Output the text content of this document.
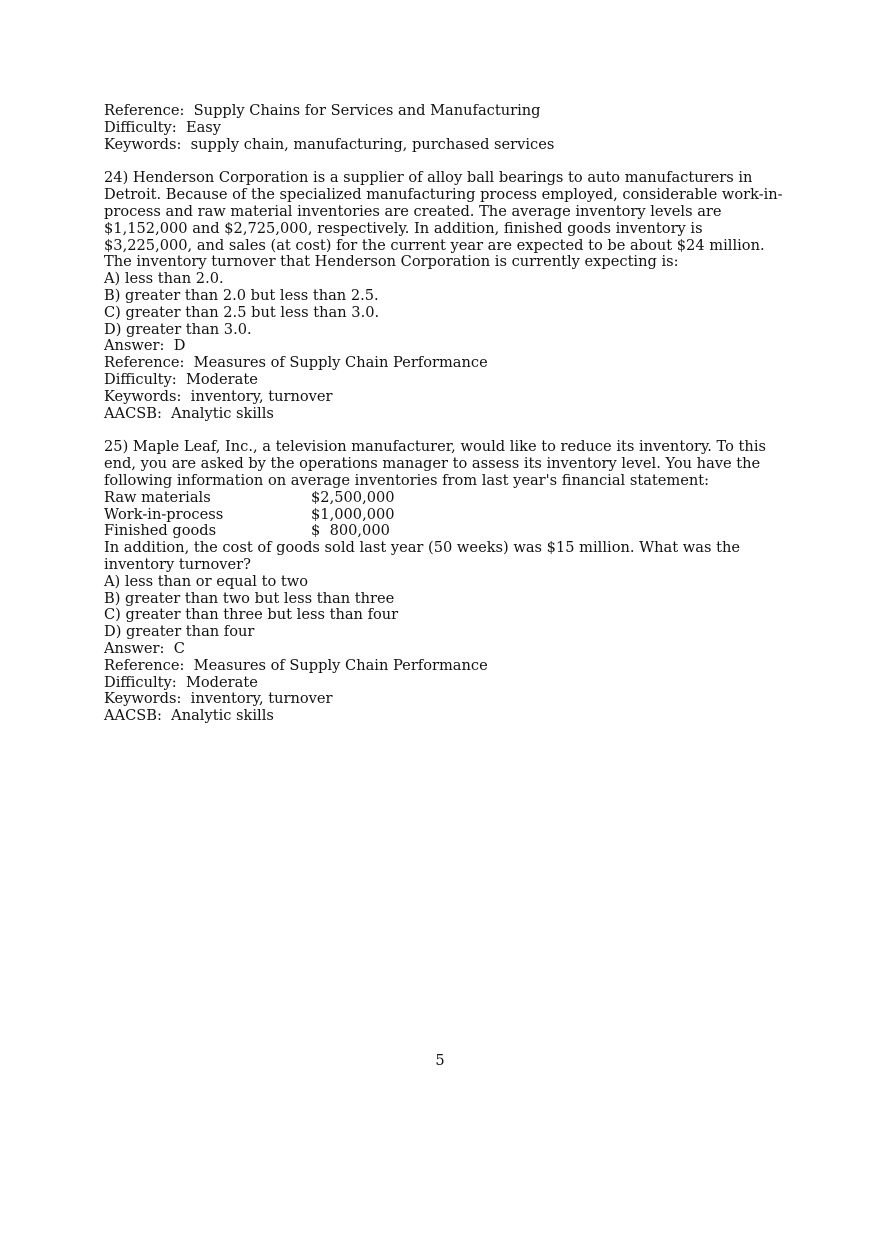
Reference:  Supply Chains for Services and Manufacturing
Difficulty:  Easy
Keywords:  supply chain, manufacturing, purchased services
24) Henderson Corporation is a supplier of alloy ball bearings to auto manufacturers in Detroit. Because of the specialized manufacturing process employed, considerable work-in-process and raw material inventories are created. The average inventory levels are $1,152,000 and $2,725,000, respectively. In addition, finished goods inventory is $3,225,000, and sales (at cost) for the current year are expected to be about $24 million. The inventory turnover that Henderson Corporation is currently expecting is:
A) less than 2.0.
B) greater than 2.0 but less than 2.5.
C) greater than 2.5 but less than 3.0.
D) greater than 3.0.
Answer:  D
Reference:  Measures of Supply Chain Performance
Difficulty:  Moderate
Keywords:  inventory, turnover
AACSB:  Analytic skills
25) Maple Leaf, Inc., a television manufacturer, would like to reduce its inventory. To this end, you are asked by the operations manager to assess its inventory level. You have the following information on average inventories from last year's financial statement:
Raw materials	$2,500,000
Work-in-process	$1,000,000
Finished goods	$  800,000
In addition, the cost of goods sold last year (50 weeks) was $15 million. What was the inventory turnover?
A) less than or equal to two
B) greater than two but less than three
C) greater than three but less than four
D) greater than four
Answer:  C
Reference:  Measures of Supply Chain Performance
Difficulty:  Moderate
Keywords:  inventory, turnover
AACSB:  Analytic skills
5
